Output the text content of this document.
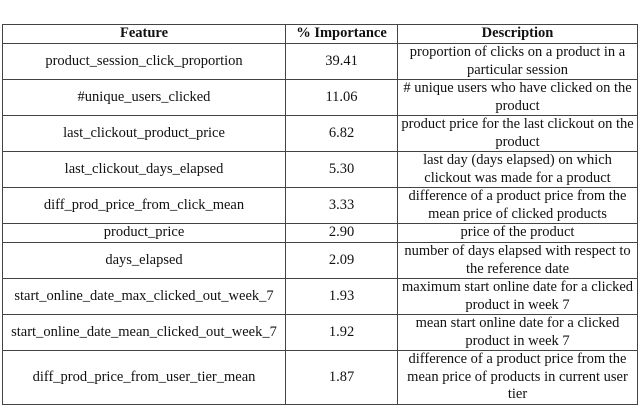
Feature	% Importance	Description
product_session_click_proportion	39.41	proportion of clicks on a product in a particular session
#unique_users_clicked	11.06	# unique users who have clicked on the product
last_clickout_product_price	6.82	product price for the last clickout on the product
last_clickout_days_elapsed	5.30	last day (days elapsed) on which clickout was made for a product
diff_prod_price_from_click_mean	3.33	difference of a product price from the mean price of clicked products
product_price	2.90	price of the product
days_elapsed	2.09	number of days elapsed with respect to the reference date
start_online_date_max_clicked_out_week_7	1.93	maximum start online date for a clicked product in week 7
start_online_date_mean_clicked_out_week_7	1.92	mean start online date for a clicked product in week 7
diff_prod_price_from_user_tier_mean	1.87	difference of a product price from the mean price of products in current user tier
